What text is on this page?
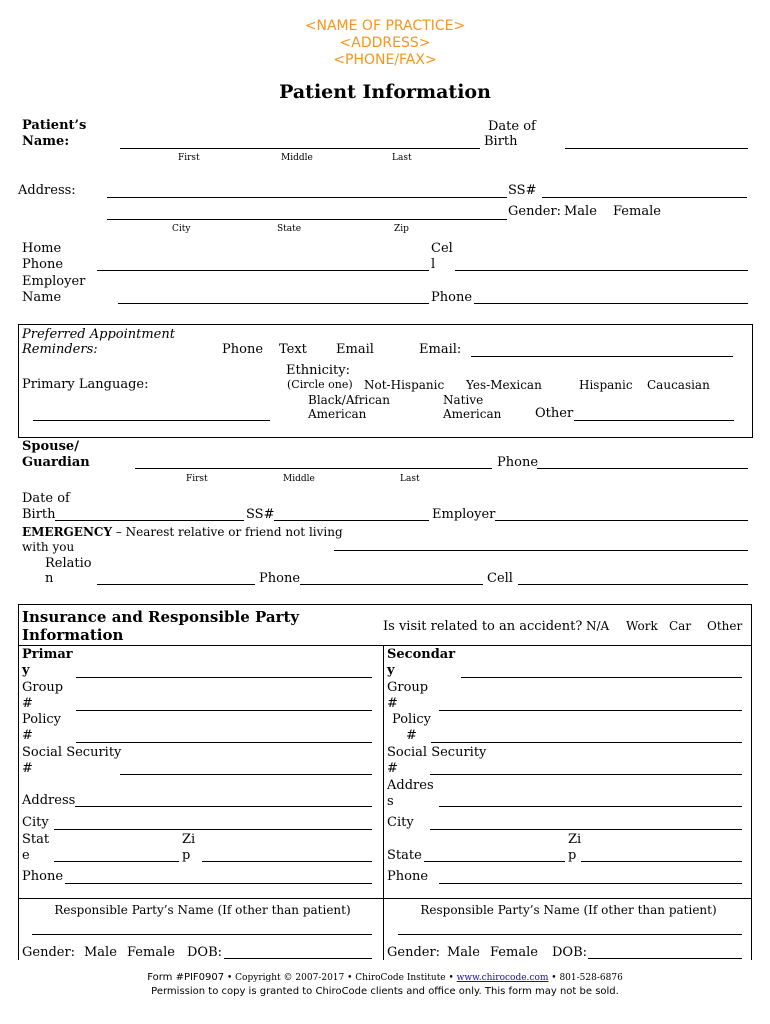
<NAME OF PRACTICE>
<ADDRESS>
<PHONE/FAX>
Patient Information
Patient’s
Name:
First	Middle	Last
Date of
Birth
Address:	SS#
Gender: Male Female
City	State	Zip
Home
Phone
Cel
l
Employer
Name	Phone
Preferred Appointment
Reminders:	Phone Text Email	Email:
Primary Language:
Ethnicity:
(Circle one) Not-Hispanic Yes-Mexican	Hispanic Caucasian
Black/African
American
Native
American	Other
Spouse/
Guardian
First	Middle	Last
Phone
Date of
Birth	SS#	Employer
EMERGENCY – Nearest relative or friend not living
with you
Relatio
n	Phone	Cell
Insurance and Responsible Party
Information	Is visit related to an accident? N/A Work Car Other
Primar
y
Group
#
Policy
#
Social Security
#
Address
City
Stat
e
Zi
p
Phone
Secondar
y
Group
#
Policy
#
Social Security
#
Addres
s
City
Zi
p
State
Phone
Responsible Party’s Name (If other than patient)	Responsible Party’s Name (If other than patient)
Gender: Male Female DOB:	Gender: Male Female DOB:
Form #PIF0907 • Copyright © 2007-2017 • ChiroCode Institute • www.chirocode.com • 801-528-6876
Permission to copy is granted to ChiroCode clients and office only. This form may not be sold.
